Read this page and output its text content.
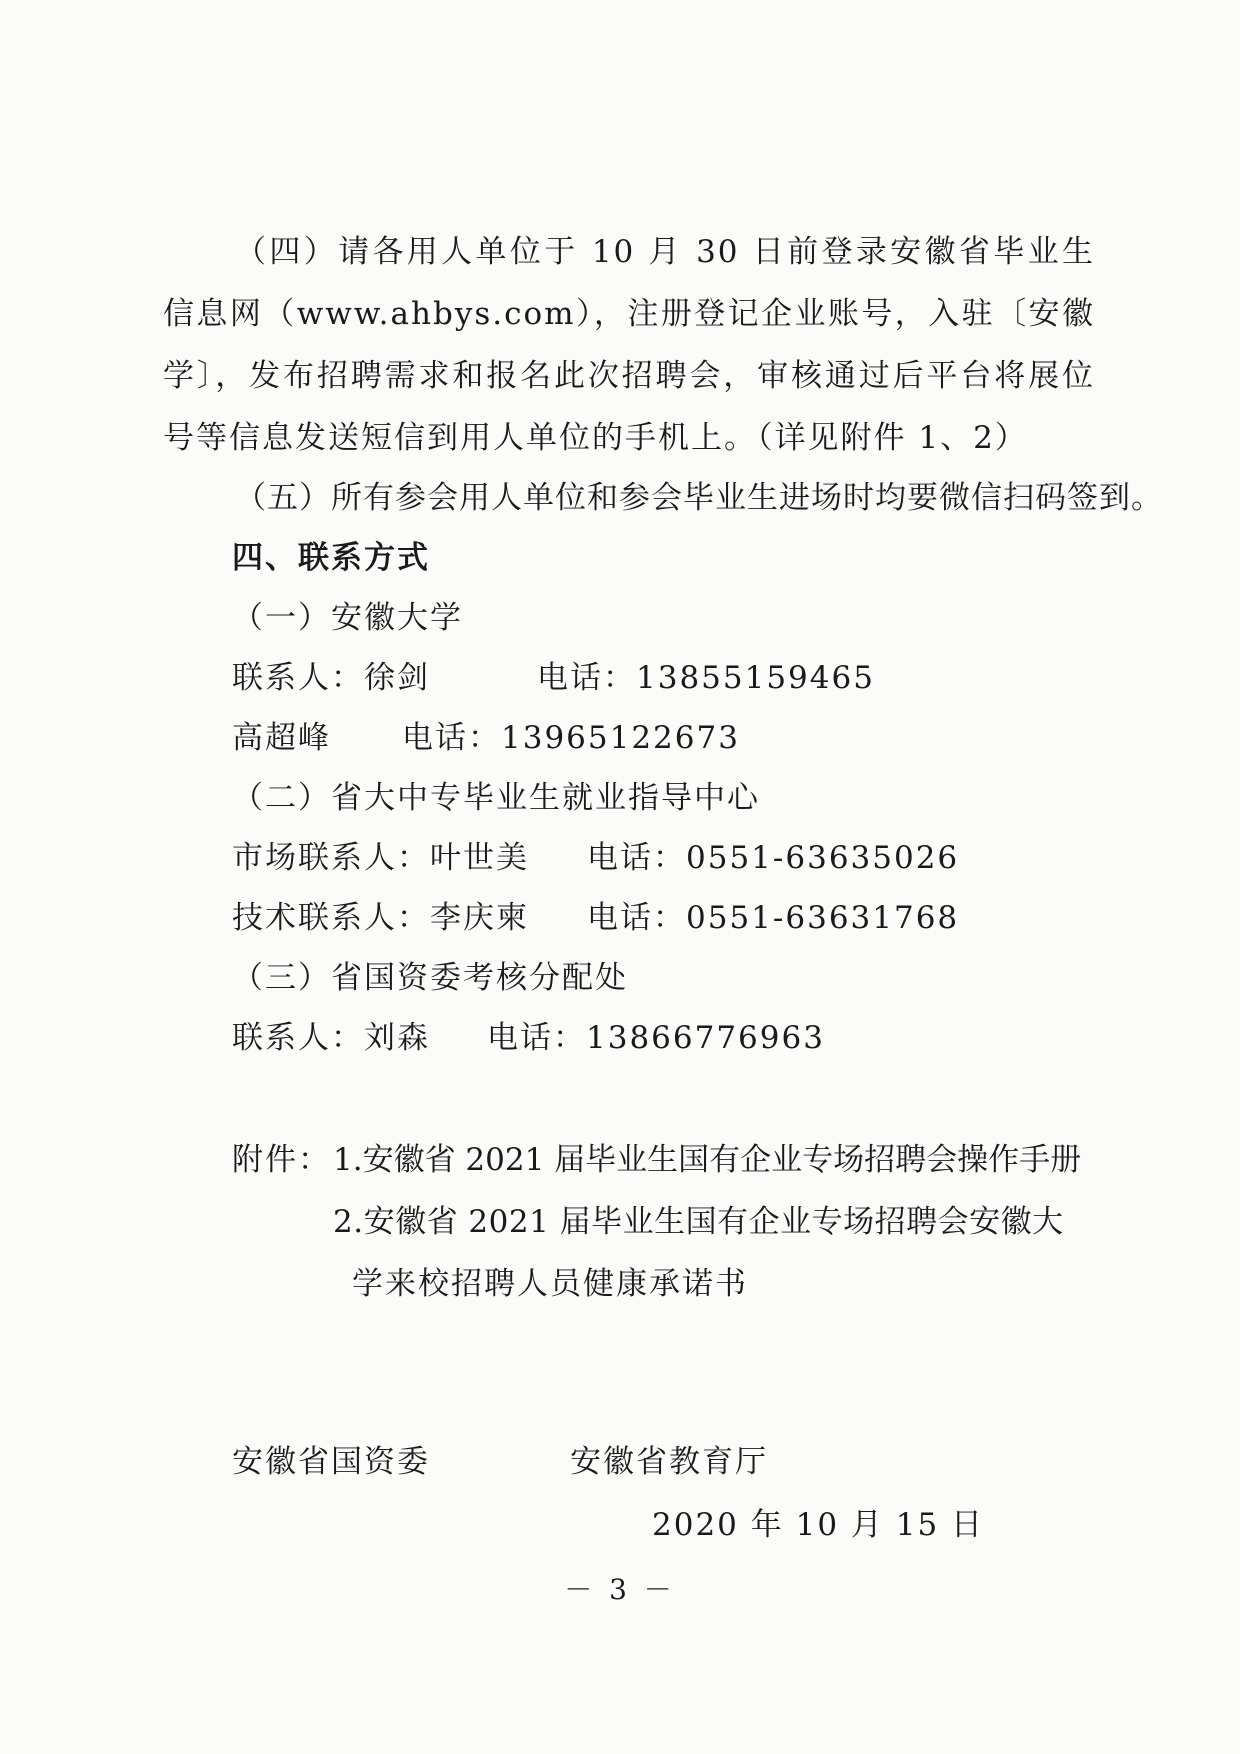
（四）请各用人单位于 10 月 30 日前登录安徽省毕业生
信息网（www.ahbys.com），注册登记企业账号，入驻〔安徽
学〕，发布招聘需求和报名此次招聘会，审核通过后平台将展位
号等信息发送短信到用人单位的手机上。（详见附件 1、2）
（五）所有参会用人单位和参会毕业生进场时均要微信扫码签到。
四、联系方式
（一）安徽大学
联系人：徐剑	电话：13855159465
高超峰 电话：13965122673
（二）省大中专毕业生就业指导中心
市场联系人：叶世美 电话：0551-63635026
技术联系人：李庆柬 电话：0551-63631768
（三）省国资委考核分配处
联系人：刘森 电话：13866776963
附件： 1.安徽省 2021 届毕业生国有企业专场招聘会操作手册
2.安徽省 2021 届毕业生国有企业专场招聘会安徽大
学来校招聘人员健康承诺书
安徽省国资委	安徽省教育厅
2020 年 10 月 15 日
－ 3 －
